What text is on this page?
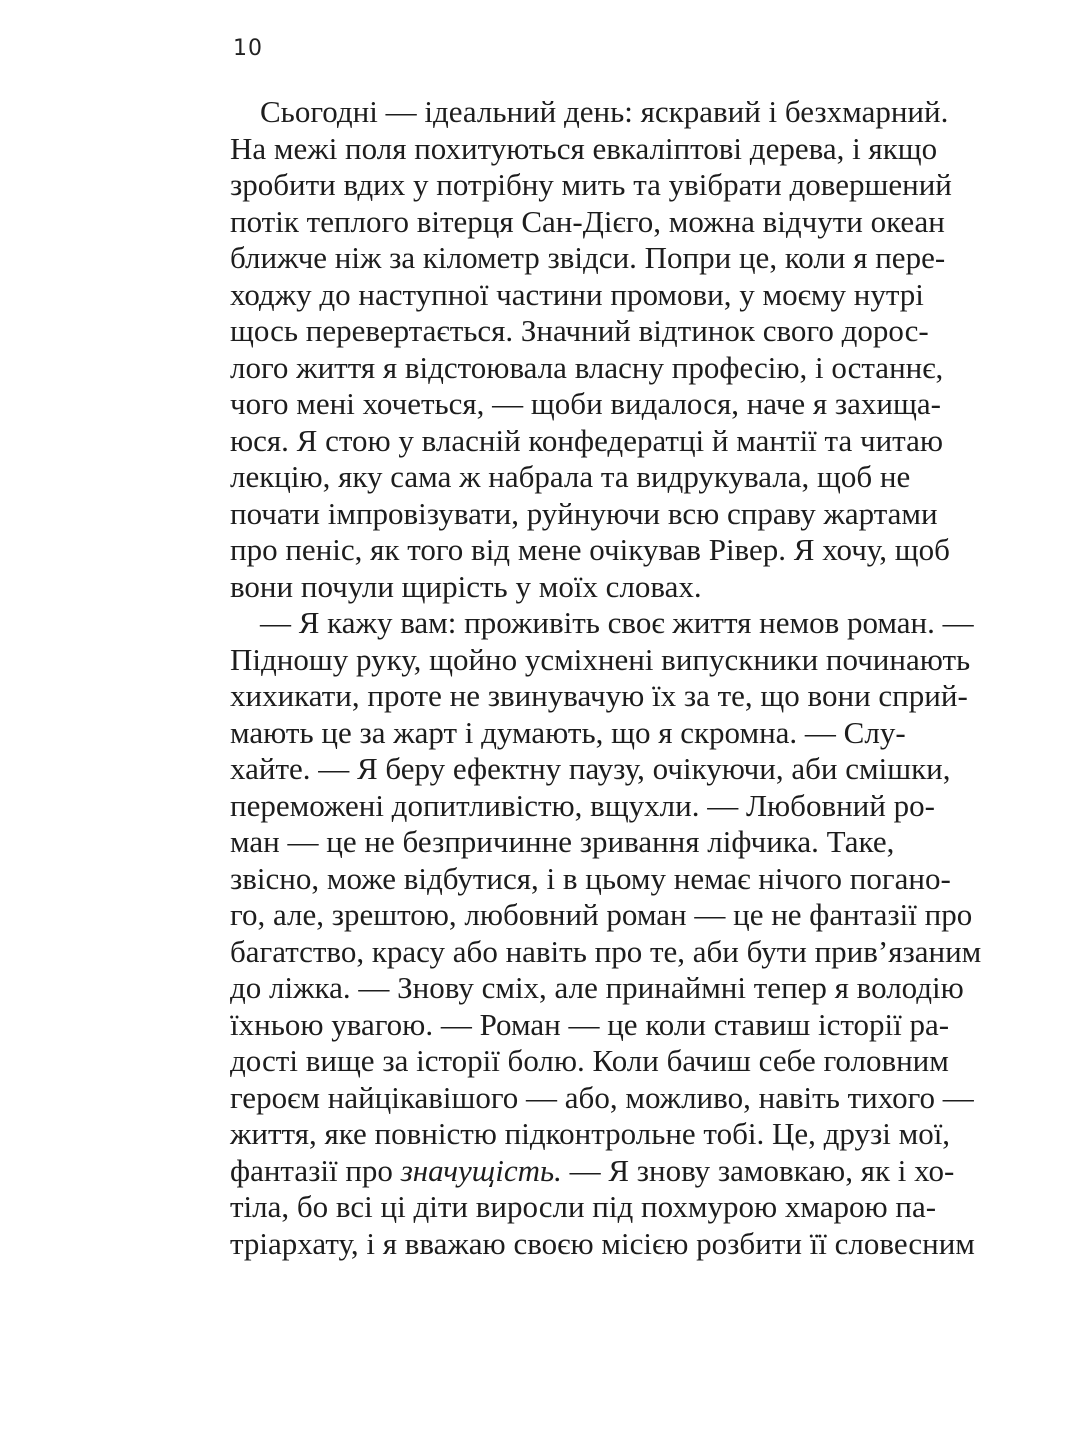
10
Сьогодні — ідеальний день: яскравий і безхмарний.
На межі поля похитуються евкаліптові дерева, і якщо
зробити вдих у потрібну мить та увібрати довершений
потік теплого вітерця Сан-Дієго, можна відчути океан
ближче ніж за кілометр звідси. Попри це, коли я пере-
ходжу до наступної частини промови, у моєму нутрі
щось перевертається. Значний відтинок свого дорос-
лого життя я відстоювала власну професію, і останнє,
чого мені хочеться, — щоби видалося, наче я захища-
юся. Я стою у власній конфедератці й мантії та читаю
лекцію, яку сама ж набрала та видрукувала, щоб не
почати імпровізувати, руйнуючи всю справу жартами
про пеніс, як того від мене очікував Рівер. Я хочу, щоб
вони почули щирість у моїх словах.
— Я кажу вам: проживіть своє життя немов роман. —
Підношу руку, щойно усміхнені випускники починають
хихикати, проте не звинувачую їх за те, що вони сприй-
мають це за жарт і думають, що я скромна. — Слу-
хайте. — Я беру ефектну паузу, очікуючи, аби смішки,
переможені допитливістю, вщухли. — Любовний ро-
ман — це не безпричинне зривання ліфчика. Таке,
звісно, може відбутися, і в цьому немає нічого погано-
го, але, зрештою, любовний роман — це не фантазії про
багатство, красу або навіть про те, аби бути прив’язаним
до ліжка. — Знову сміх, але принаймні тепер я володію
їхньою увагою. — Роман — це коли ставиш історії ра-
дості вище за історії болю. Коли бачиш себе головним
героєм найцікавішого — або, можливо, навіть тихого —
життя, яке повністю підконтрольне тобі. Це, друзі мої,
фантазії про значущість. — Я знову замовкаю, як і хо-
тіла, бо всі ці діти виросли під похмурою хмарою па-
тріархату, і я вважаю своєю місією розбити її словесним
